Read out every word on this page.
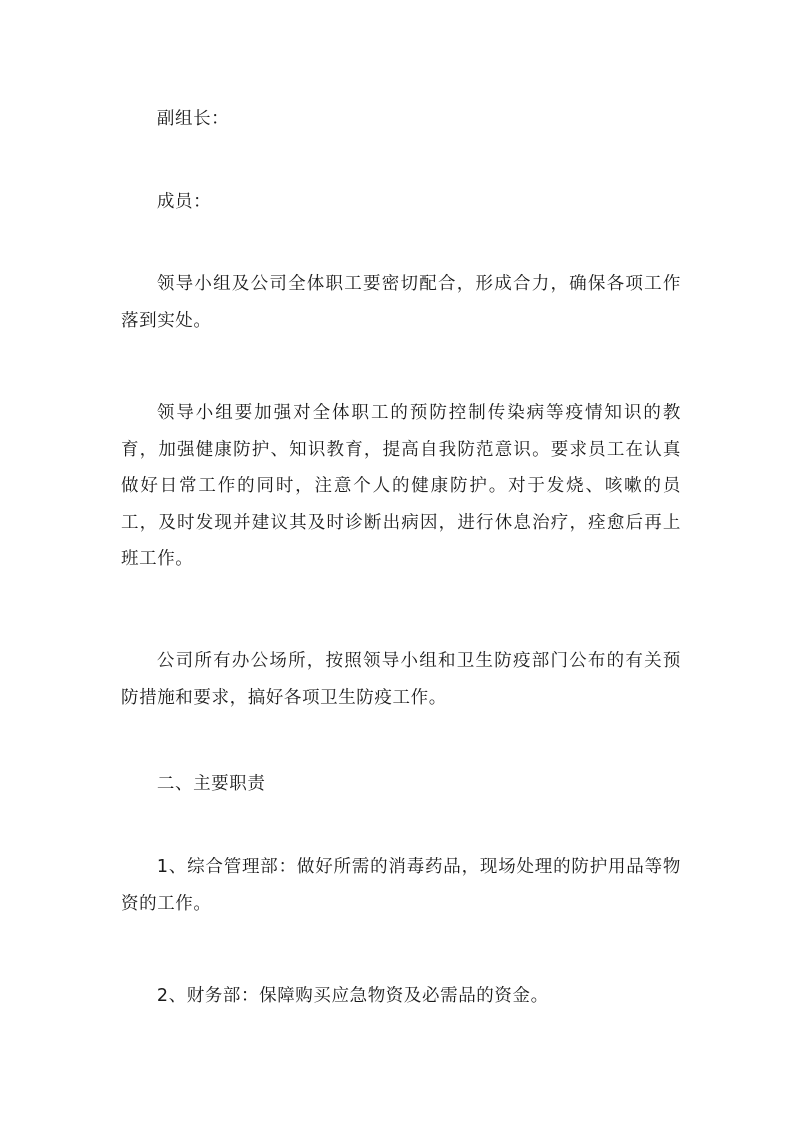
副组长：

成员：

领导小组及公司全体职工要密切配合，形成合力，确保各项工作落到实处。

领导小组要加强对全体职工的预防控制传染病等疫情知识的教育，加强健康防护、知识教育，提高自我防范意识。要求员工在认真做好日常工作的同时，注意个人的健康防护。对于发烧、咳嗽的员工，及时发现并建议其及时诊断出病因，进行休息治疗，痊愈后再上班工作。

公司所有办公场所，按照领导小组和卫生防疫部门公布的有关预防措施和要求，搞好各项卫生防疫工作。

二、主要职责

1、综合管理部：做好所需的消毒药品，现场处理的防护用品等物资的工作。

2、财务部：保障购买应急物资及必需品的资金。
